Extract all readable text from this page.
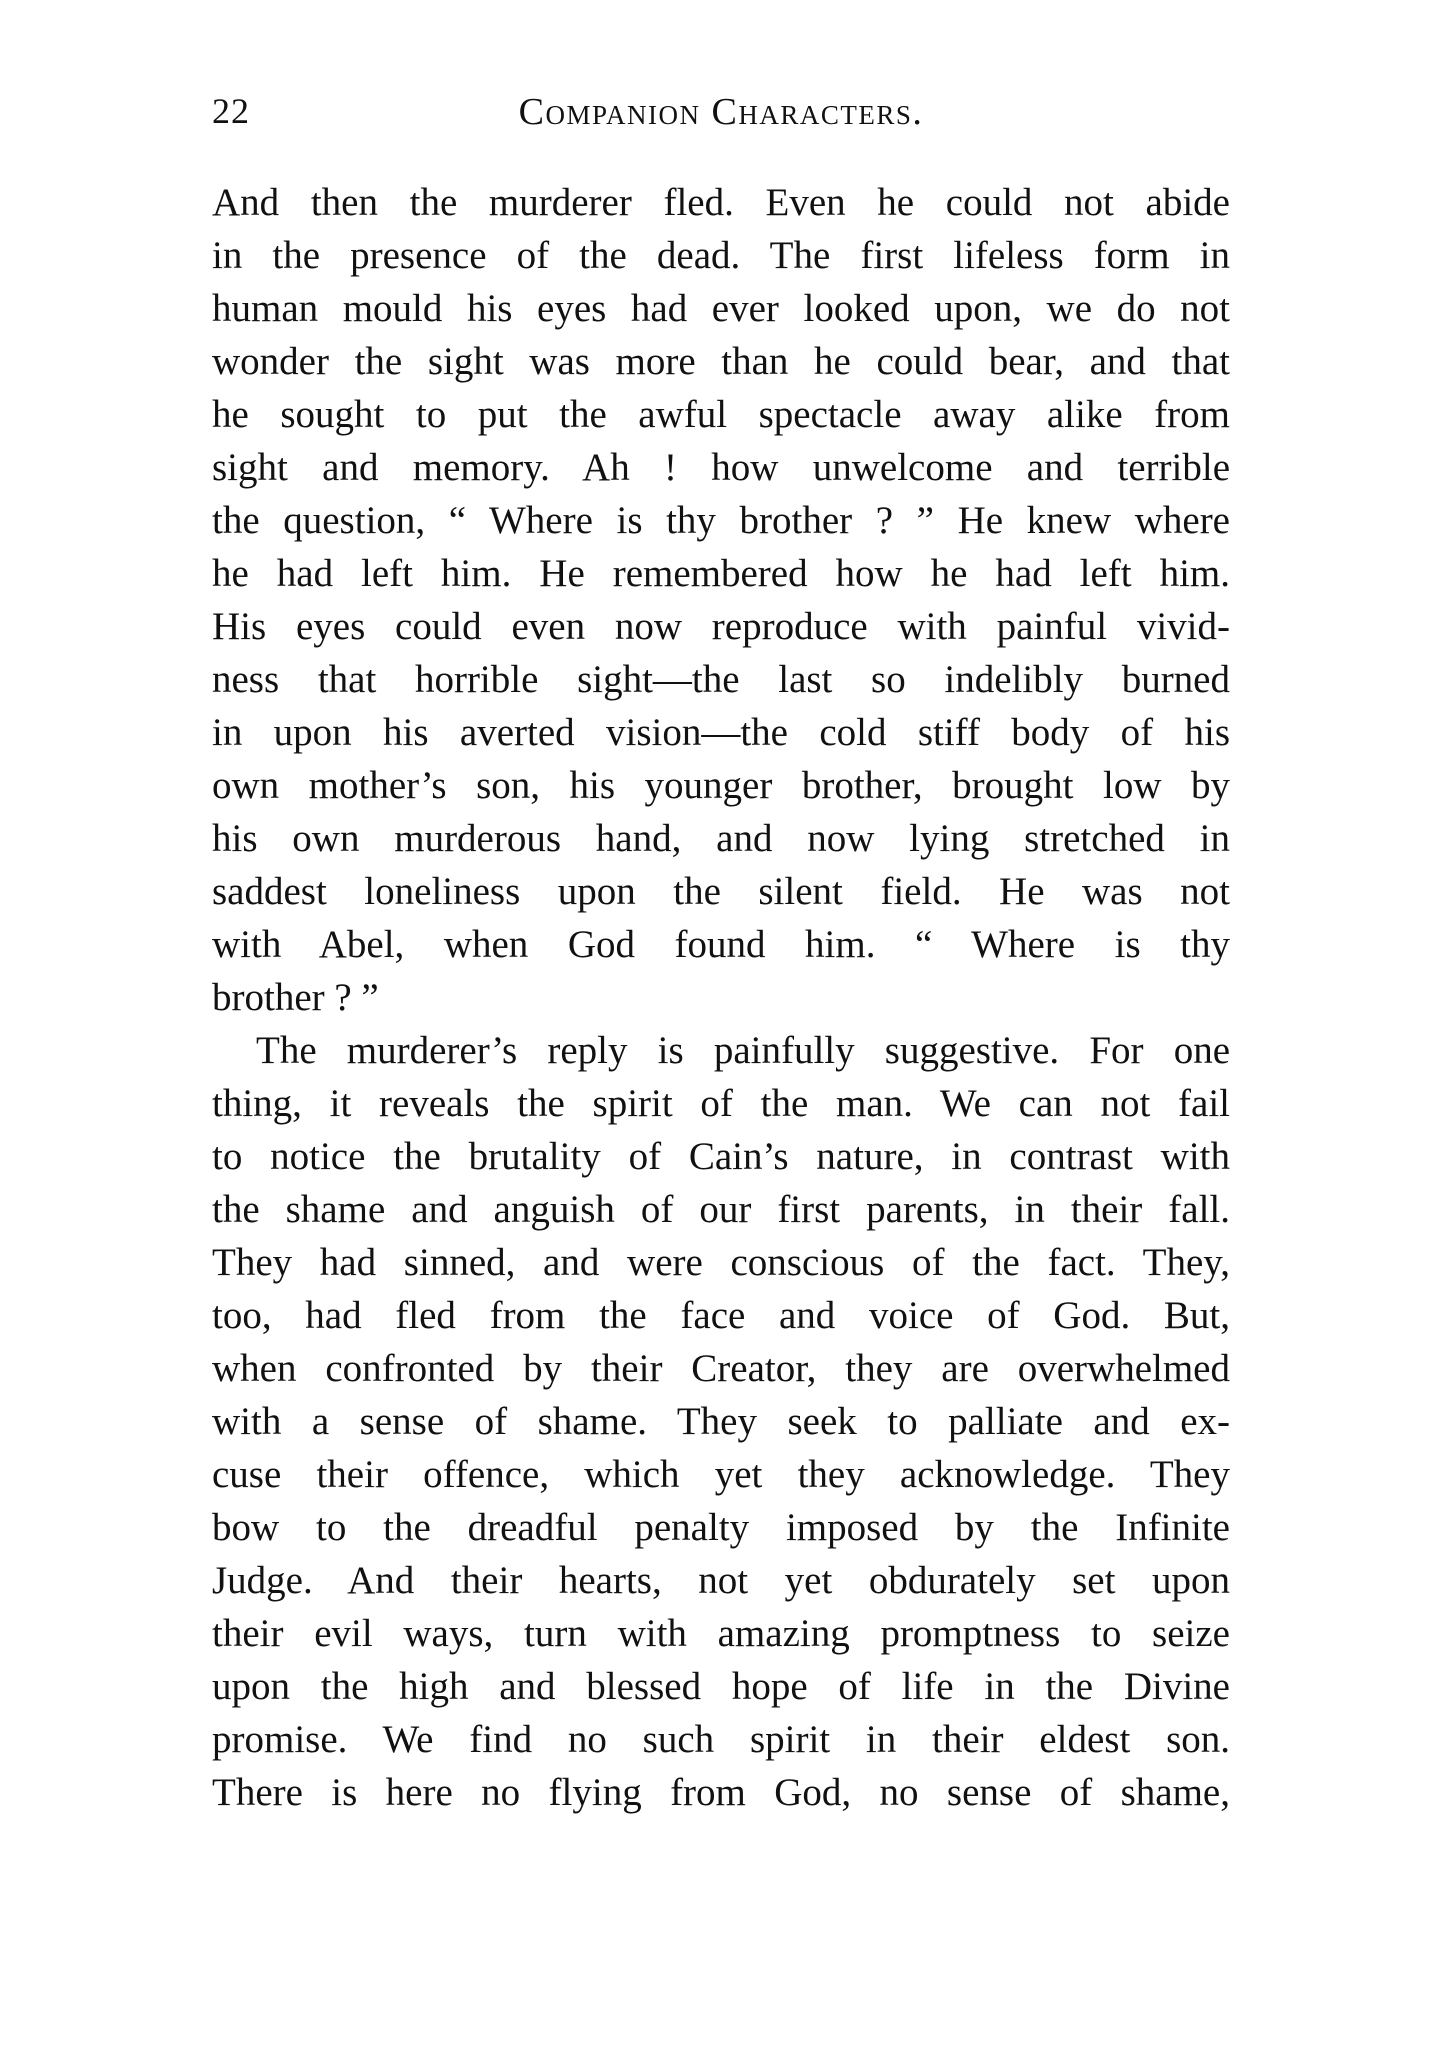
22	Companion Characters.
And then the murderer fled. Even he could not abide
in the presence of the dead. The first lifeless form in
human mould his eyes had ever looked upon, we do not
wonder the sight was more than he could bear, and that
he sought to put the awful spectacle away alike from
sight and memory. Ah ! how unwelcome and terrible
the question, “ Where is thy brother ? ” He knew where
he had left him. He remembered how he had left him.
His eyes could even now reproduce with painful vivid-
ness that horrible sight—the last so indelibly burned
in upon his averted vision—the cold stiff body of his
own mother’s son, his younger brother, brought low by
his own murderous hand, and now lying stretched in
saddest loneliness upon the silent field. He was not
with Abel, when God found him. “ Where is thy
brother ? ”
The murderer’s reply is painfully suggestive. For one
thing, it reveals the spirit of the man. We can not fail
to notice the brutality of Cain’s nature, in contrast with
the shame and anguish of our first parents, in their fall.
They had sinned, and were conscious of the fact. They,
too, had fled from the face and voice of God. But,
when confronted by their Creator, they are overwhelmed
with a sense of shame. They seek to palliate and ex-
cuse their offence, which yet they acknowledge. They
bow to the dreadful penalty imposed by the Infinite
Judge. And their hearts, not yet obdurately set upon
their evil ways, turn with amazing promptness to seize
upon the high and blessed hope of life in the Divine
promise. We find no such spirit in their eldest son.
There is here no flying from God, no sense of shame,
